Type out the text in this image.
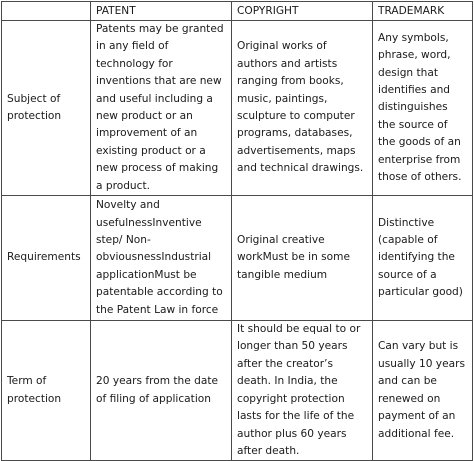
	PATENT	COPYRIGHT	TRADEMARK

Subject of protection	Patents may be granted in any field of technology for inventions that are new and useful including a new product or an improvement of an existing product or a new process of making a product.	Original works of authors and artists ranging from books, music, paintings, sculpture to computer programs, databases, advertisements, maps and technical drawings.	Any symbols, phrase, word, design that identifies and distinguishes the source of the goods of an enterprise from those of others.
Requirements	Novelty and usefulnessInventive step/ Non-obviousnessIndustrial applicationMust be patentable according to the Patent Law in force	Original creative workMust be in some tangible medium	Distinctive (capable of identifying the source of a particular good)

Term of protection	20 years from the date of filing of application	It should be equal to or longer than 50 years after the creator’s death. In India, the copyright protection lasts for the life of the author plus 60 years after death.	Can vary but is usually 10 years and can be renewed on payment of an additional fee.
